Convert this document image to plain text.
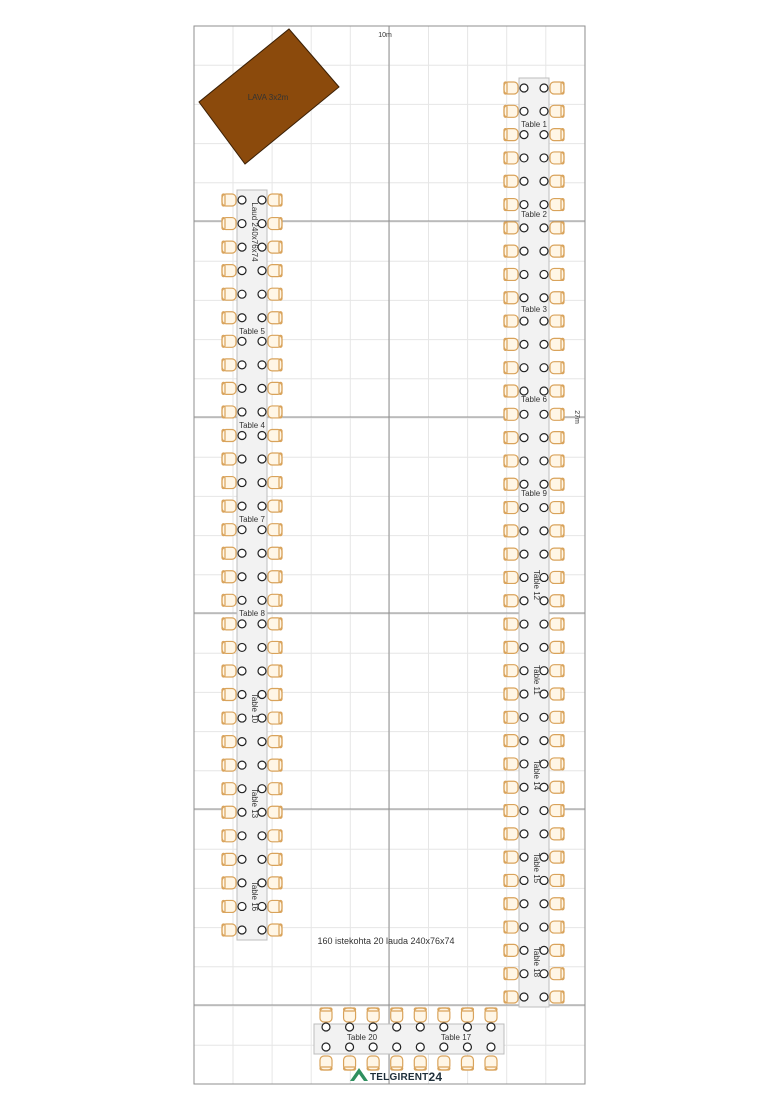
LAVA 3x2m
10m
27m
Laud 240x76x74
Table 5
Table 4
Table 7
Table 8
Table 10
Table 13
Table 16
Table 1
Table 2
Table 3
Table 6
Table 9
Table 12
Table 11
Table 14
Table 15
Table 18
Table 20	Table 17
160 istekohta 20 lauda 240x76x74
TELGIRENT 24
